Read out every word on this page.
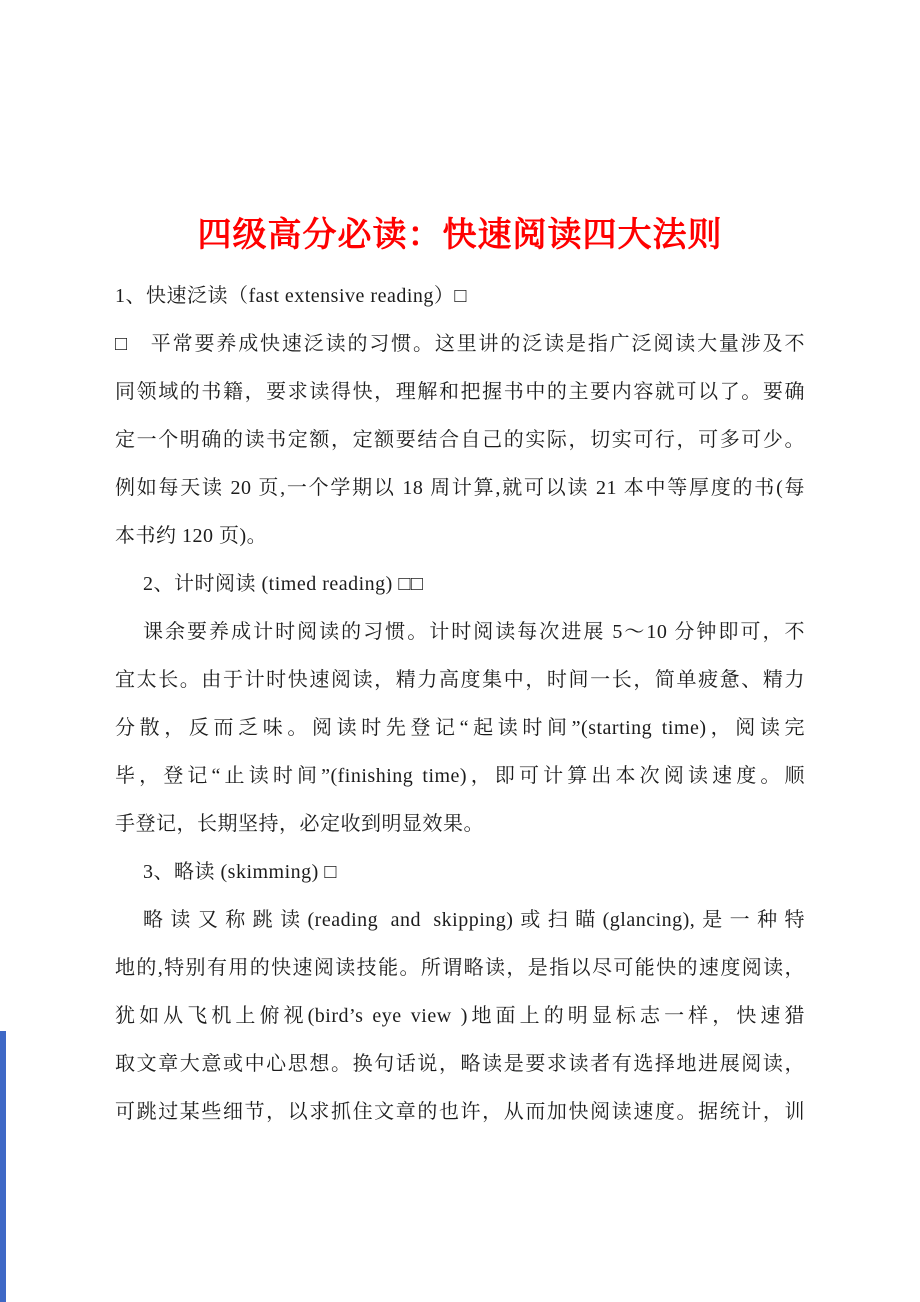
四级高分必读：快速阅读四大法则
1、快速泛读（fast extensive reading）□
□　平常要养成快速泛读的习惯。这里讲的泛读是指广泛阅读大量涉及不
同领域的书籍，要求读得快，理解和把握书中的主要内容就可以了。要确
定一个明确的读书定额，定额要结合自己的实际，切实可行，可多可少。
例如每天读 20 页,一个学期以 18 周计算,就可以读 21 本中等厚度的书(每
本书约 120 页)。
2、计时阅读 (timed reading) □□
课余要养成计时阅读的习惯。计时阅读每次进展 5～10 分钟即可，不
宜太长。由于计时快速阅读，精力高度集中，时间一长，简单疲惫、精力
分散，反而乏味。阅读时先登记“起读时间”(starting time)，阅读完
毕，登记“止读时间”(finishing time)，即可计算出本次阅读速度。顺
手登记，长期坚持，必定收到明显效果。
3、略读 (skimming) □
略读又称跳读(reading and skipping)或扫瞄(glancing),是一种特
地的,特别有用的快速阅读技能。所谓略读，是指以尽可能快的速度阅读，
犹如从飞机上俯视(bird’s eye view )地面上的明显标志一样，快速猎
取文章大意或中心思想。换句话说，略读是要求读者有选择地进展阅读，
可跳过某些细节，以求抓住文章的也许，从而加快阅读速度。据统计，训
